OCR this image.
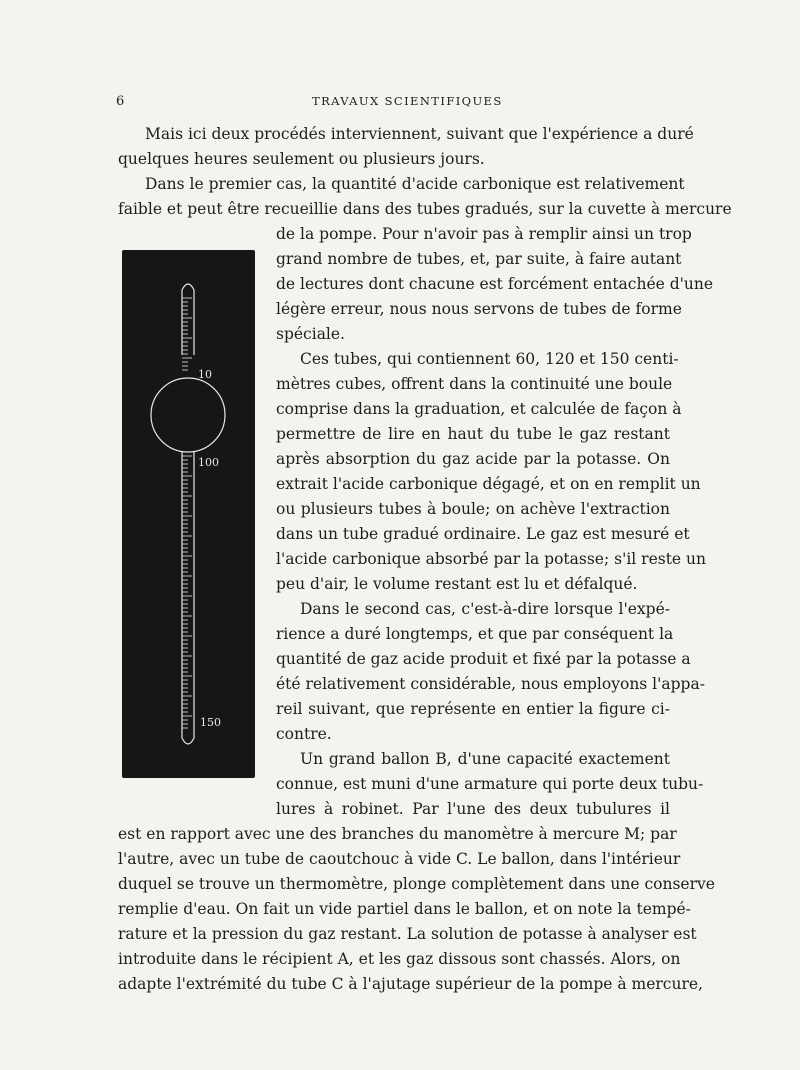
6	TRAVAUX SCIENTIFIQUES
10
100
150
Mais ici deux procédés interviennent, suivant que l'expérience a duré
quelques heures seulement ou plusieurs jours.
Dans le premier cas, la quantité d'acide carbonique est relativement
faible et peut être recueillie dans des tubes gradués, sur la cuvette à mercure
de la pompe. Pour n'avoir pas à remplir ainsi un trop
grand nombre de tubes, et, par suite, à faire autant
de lectures dont chacune est forcément entachée d'une
légère erreur, nous nous servons de tubes de forme
spéciale.
Ces tubes, qui contiennent 60, 120 et 150 centi-
mètres cubes, offrent dans la continuité une boule
comprise dans la graduation, et calculée de façon à
permettre de lire en haut du tube le gaz restant
après absorption du gaz acide par la potasse. On
extrait l'acide carbonique dégagé, et on en remplit un
ou plusieurs tubes à boule; on achève l'extraction
dans un tube gradué ordinaire. Le gaz est mesuré et
l'acide carbonique absorbé par la potasse; s'il reste un
peu d'air, le volume restant est lu et défalqué.
Dans le second cas, c'est-à-dire lorsque l'expé-
rience a duré longtemps, et que par conséquent la
quantité de gaz acide produit et fixé par la potasse a
été relativement considérable, nous employons l'appa-
reil suivant, que représente en entier la figure ci-
contre.
Un grand ballon B, d'une capacité exactement
connue, est muni d'une armature qui porte deux tubu-
lures à robinet. Par l'une des deux tubulures il
est en rapport avec une des branches du manomètre à mercure M; par
l'autre, avec un tube de caoutchouc à vide C. Le ballon, dans l'intérieur
duquel se trouve un thermomètre, plonge complètement dans une conserve
remplie d'eau. On fait un vide partiel dans le ballon, et on note la tempé-
rature et la pression du gaz restant. La solution de potasse à analyser est
introduite dans le récipient A, et les gaz dissous sont chassés. Alors, on
adapte l'extrémité du tube C à l'ajutage supérieur de la pompe à mercure,
